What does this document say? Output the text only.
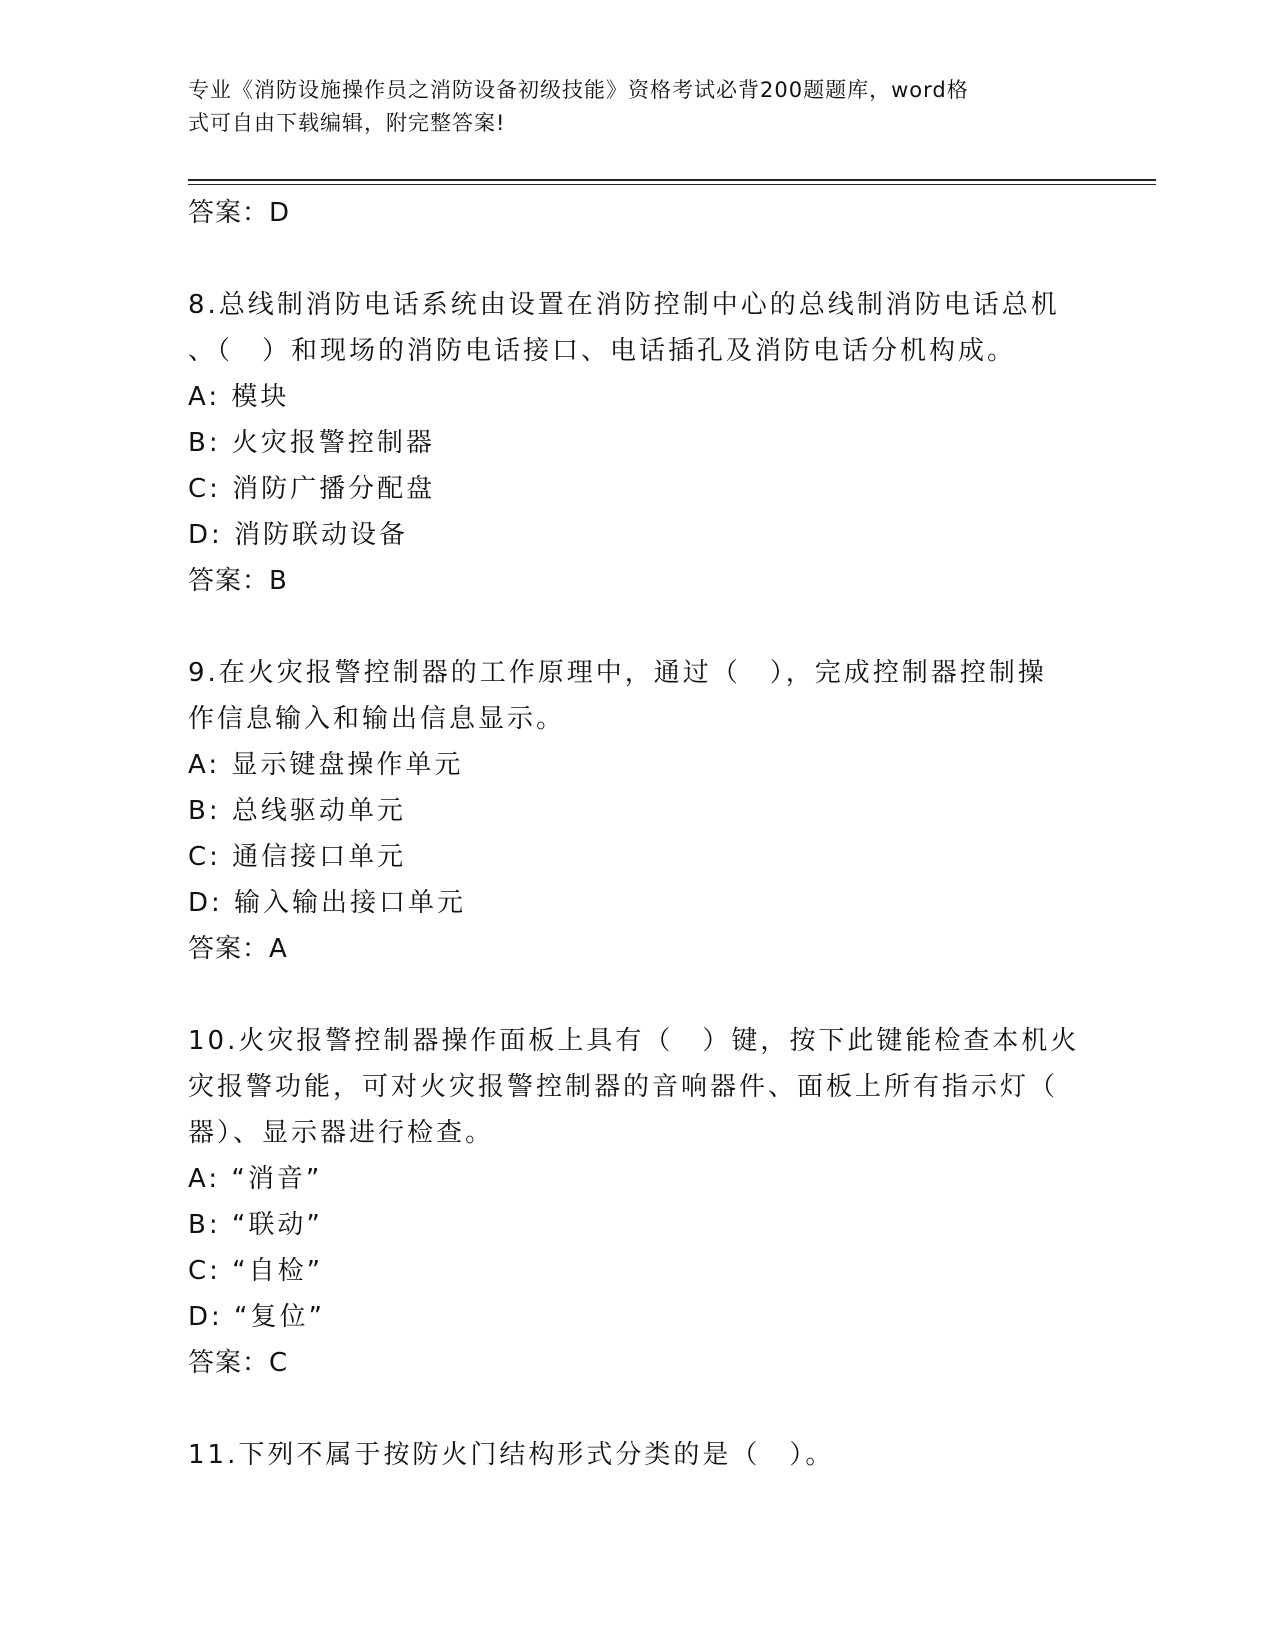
专业《消防设施操作员之消防设备初级技能》资格考试必背200题题库，word格
式可自由下载编辑，附完整答案!
答案：D
8.总线制消防电话系统由设置在消防控制中心的总线制消防电话总机
、（　）和现场的消防电话接口、电话插孔及消防电话分机构成。
A: 模块
B: 火灾报警控制器
C: 消防广播分配盘
D: 消防联动设备
答案：B
9.在火灾报警控制器的工作原理中，通过（　），完成控制器控制操
作信息输入和输出信息显示。
A: 显示键盘操作单元
B: 总线驱动单元
C: 通信接口单元
D: 输入输出接口单元
答案：A
10.火灾报警控制器操作面板上具有（　）键，按下此键能检查本机火
灾报警功能，可对火灾报警控制器的音响器件、面板上所有指示灯（
器）、显示器进行检查。
A: “消音”
B: “联动”
C: “自检”
D: “复位”
答案：C
11.下列不属于按防火门结构形式分类的是（　）。
